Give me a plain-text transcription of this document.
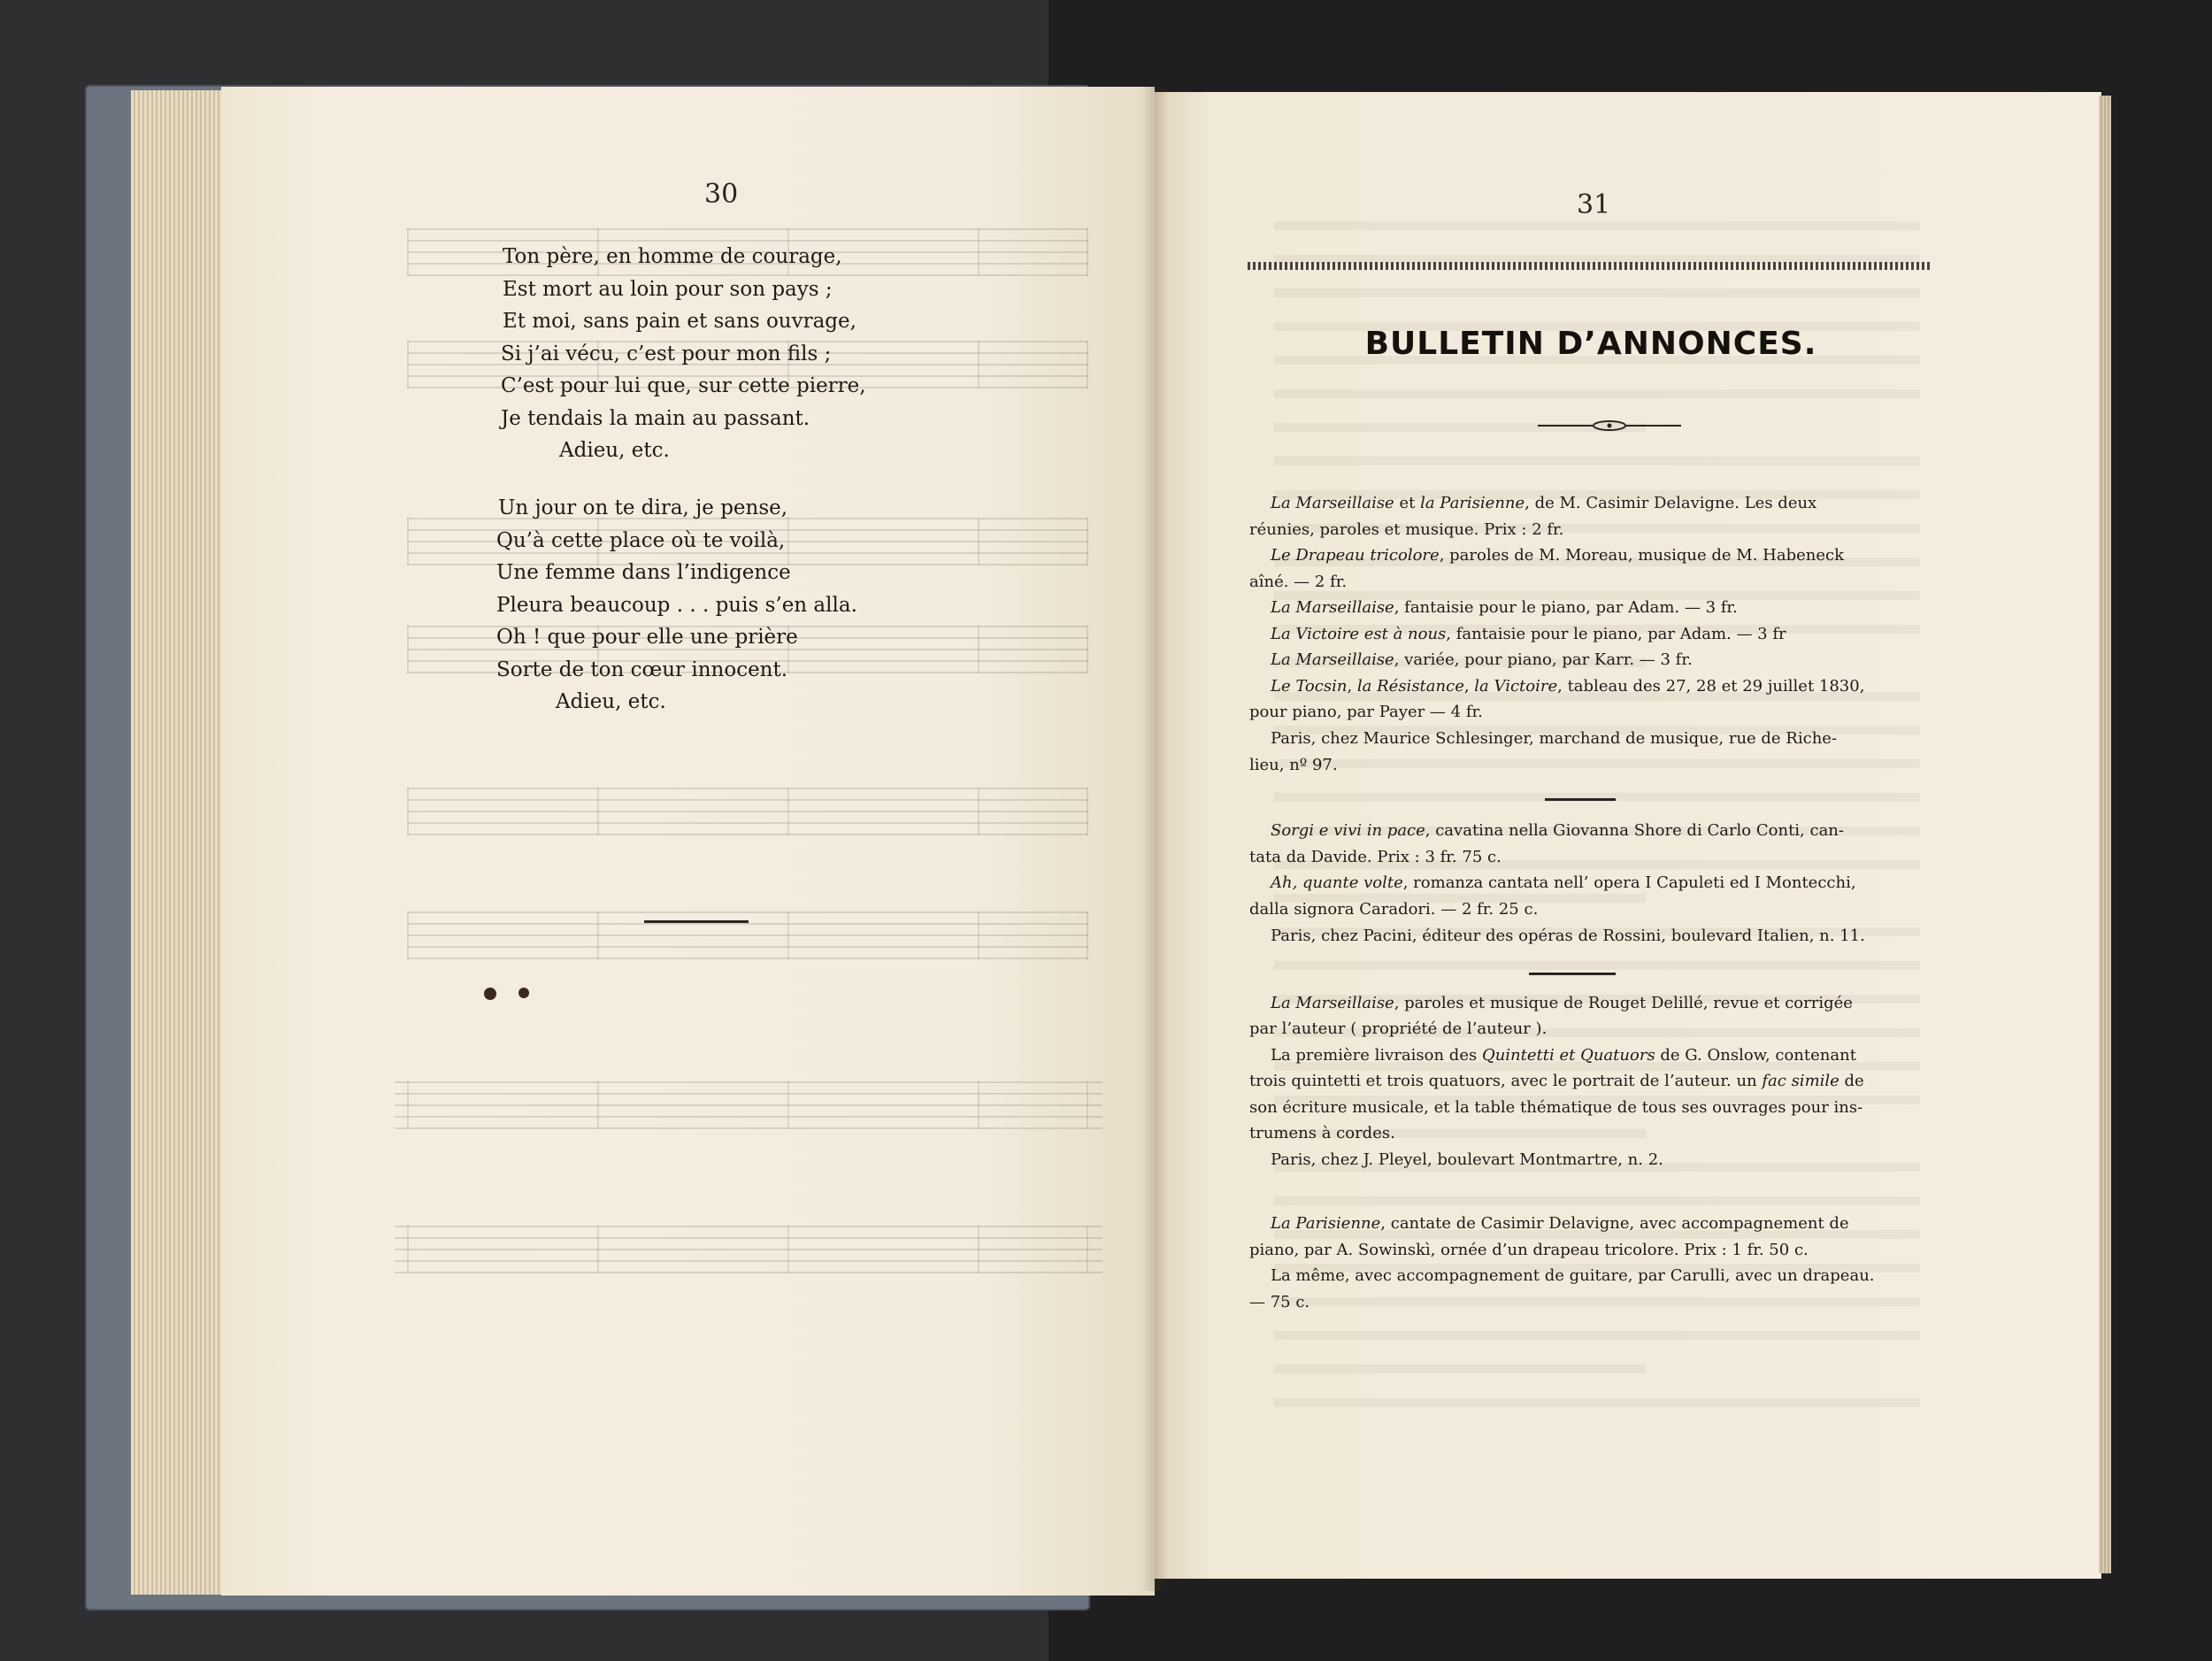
30
Ton père, en homme de courage,
Est mort au loin pour son pays ;
Et moi, sans pain et sans ouvrage,
Si j’ai vécu, c’est pour mon fils ;
C’est pour lui que, sur cette pierre,
Je tendais la main au passant.
Adieu, etc.
Un jour on te dira, je pense,
Qu’à cette place où te voilà,
Une femme dans l’indigence
Pleura beaucoup . . . puis s’en alla.
Oh ! que pour elle une prière
Sorte de ton cœur innocent.
Adieu, etc.
31
BULLETIN D’ANNONCES.
La Marseillaise et la Parisienne, de M. Casimir Delavigne. Les deux
réunies, paroles et musique. Prix : 2 fr.
Le Drapeau tricolore, paroles de M. Moreau, musique de M. Habeneck
aîné. — 2 fr.
La Marseillaise, fantaisie pour le piano, par Adam. — 3 fr.
La Victoire est à nous, fantaisie pour le piano, par Adam. — 3 fr
La Marseillaise, variée, pour piano, par Karr. — 3 fr.
Le Tocsin, la Résistance, la Victoire, tableau des 27, 28 et 29 juillet 1830,
pour piano, par Payer — 4 fr.
Paris, chez Maurice Schlesinger, marchand de musique, rue de Riche-
lieu, nº 97.
Sorgi e vivi in pace, cavatina nella Giovanna Shore di Carlo Conti, can-
tata da Davide. Prix : 3 fr. 75 c.
Ah, quante volte, romanza cantata nell’ opera I Capuleti ed I Montecchi,
dalla signora Caradori. — 2 fr. 25 c.
Paris, chez Pacini, éditeur des opéras de Rossini, boulevard Italien, n. 11.
La Marseillaise, paroles et musique de Rouget Delillé, revue et corrigée
par l’auteur ( propriété de l’auteur ).
La première livraison des Quintetti et Quatuors de G. Onslow, contenant
trois quintetti et trois quatuors, avec le portrait de l’auteur. un fac simile de
son écriture musicale, et la table thématique de tous ses ouvrages pour ins-
trumens à cordes.
Paris, chez J. Pleyel, boulevart Montmartre, n. 2.
La Parisienne, cantate de Casimir Delavigne, avec accompagnement de
piano, par A. Sowinskì, ornée d’un drapeau tricolore. Prix : 1 fr. 50 c.
La même, avec accompagnement de guitare, par Carulli, avec un drapeau.
— 75 c.
